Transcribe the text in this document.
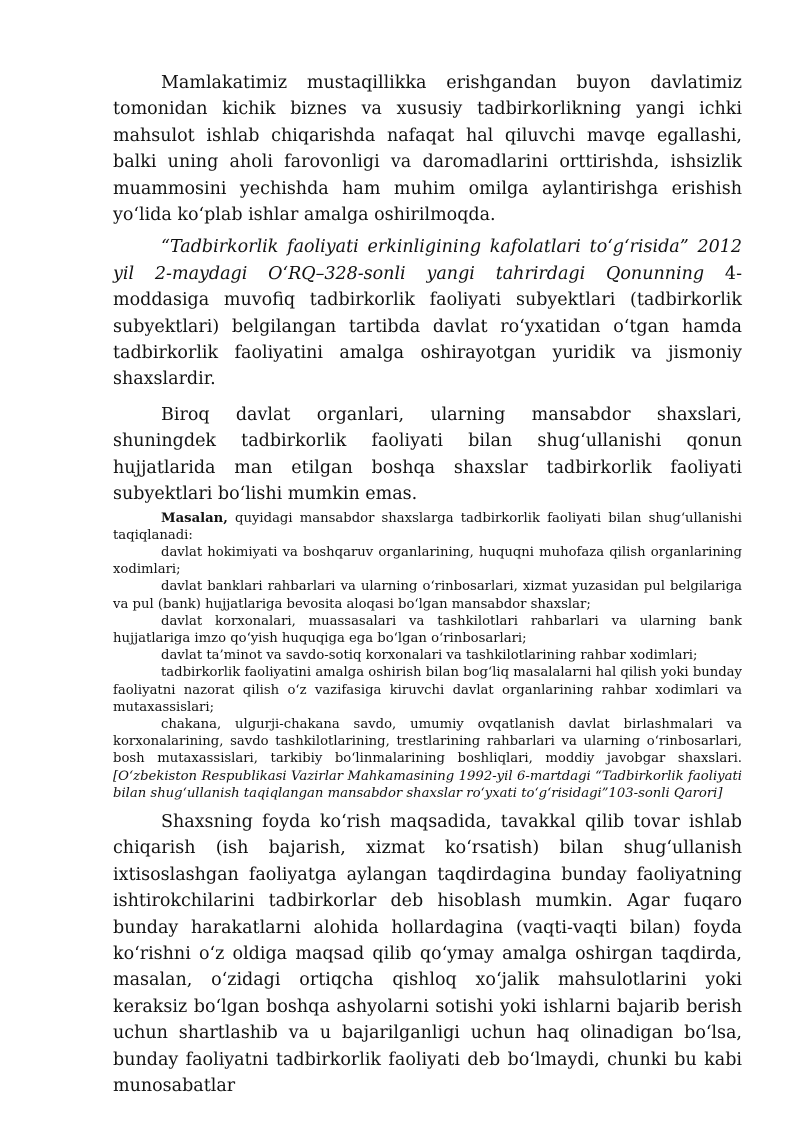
Mamlakatimiz mustaqillikka erishgandan buyon davlatimiz tomonidan kichik biznes va xususiy tadbirkorlikning yangi ichki mahsulot ishlab chiqarishda nafaqat hal qiluvchi mavqe egallashi, balki uning aholi farovonligi va daromadlarini orttirishda, ishsizlik muammosini yechishda ham muhim omilga aylantirishga erishish yo‘lida ko‘plab ishlar amalga oshirilmoqda.

“Tadbirkorlik faoliyati erkinligining kafolatlari to‘g‘risida” 2012 yil 2-maydagi O‘RQ–328-sonli yangi tahrirdagi Qonunning 4-moddasiga muvofiq tadbirkorlik faoliyati subyektlari (tadbirkorlik subyektlari) belgilangan tartibda davlat ro‘yxatidan o‘tgan hamda tadbirkorlik faoliyatini amalga oshirayotgan yuridik va jismoniy shaxslardir.

Biroq davlat organlari, ularning mansabdor shaxslari, shuningdek tadbirkorlik faoliyati bilan shug‘ullanishi qonun hujjatlarida man etilgan boshqa shaxslar tadbirkorlik faoliyati subyektlari bo‘lishi mumkin emas.

Masalan, quyidagi mansabdor shaxslarga tadbirkorlik faoliyati bilan shug‘ullanishi taqiqlanadi:

davlat hokimiyati va boshqaruv organlarining, huquqni muhofaza qilish organlarining xodimlari;

davlat banklari rahbarlari va ularning o‘rinbosarlari, xizmat yuzasidan pul belgilariga va pul (bank) hujjatlariga bevosita aloqasi bo‘lgan mansabdor shaxslar;

davlat korxonalari, muassasalari va tashkilotlari rahbarlari va ularning bank hujjatlariga imzo qo‘yish huquqiga ega bo‘lgan o‘rinbosarlari;

davlat ta’minot va savdo-sotiq korxonalari va tashkilotlarining rahbar xodimlari;

tadbirkorlik faoliyatini amalga oshirish bilan bog‘liq masalalarni hal qilish yoki bunday faoliyatni nazorat qilish o‘z vazifasiga kiruvchi davlat organlarining rahbar xodimlari va mutaxassislari;

chakana, ulgurji-chakana savdo, umumiy ovqatlanish davlat birlashmalari va korxonalarining, savdo tashkilotlarining, trestlarining rahbarlari va ularning o‘rinbosarlari, bosh mutaxassislari, tarkibiy bo‘linmalarining boshliqlari, moddiy javobgar shaxslari. [O‘zbekiston Respublikasi Vazirlar Mahkamasining 1992-yil 6-martdagi “Tadbirkorlik faoliyati bilan shug‘ullanish taqiqlangan mansabdor shaxslar ro‘yxati to‘g‘risidagi”103-sonli Qarori]

Shaxsning foyda ko‘rish maqsadida, tavakkal qilib tovar ishlab chiqarish (ish bajarish, xizmat ko‘rsatish) bilan shug‘ullanish ixtisoslashgan faoliyatga aylangan taqdirdagina bunday faoliyatning ishtirokchilarini tadbirkorlar deb hisoblash mumkin. Agar fuqaro bunday harakatlarni alohida hollardagina (vaqti-vaqti bilan) foyda ko‘rishni o‘z oldiga maqsad qilib qo‘ymay amalga oshirgan taqdirda, masalan, o‘zidagi ortiqcha qishloq xo‘jalik mahsulotlarini yoki keraksiz bo‘lgan boshqa ashyolarni sotishi yoki ishlarni bajarib berish uchun shartlashib va u bajarilganligi uchun haq olinadigan bo‘lsa, bunday faoliyatni tadbirkorlik faoliyati deb bo‘lmaydi, chunki bu kabi munosabatlar
